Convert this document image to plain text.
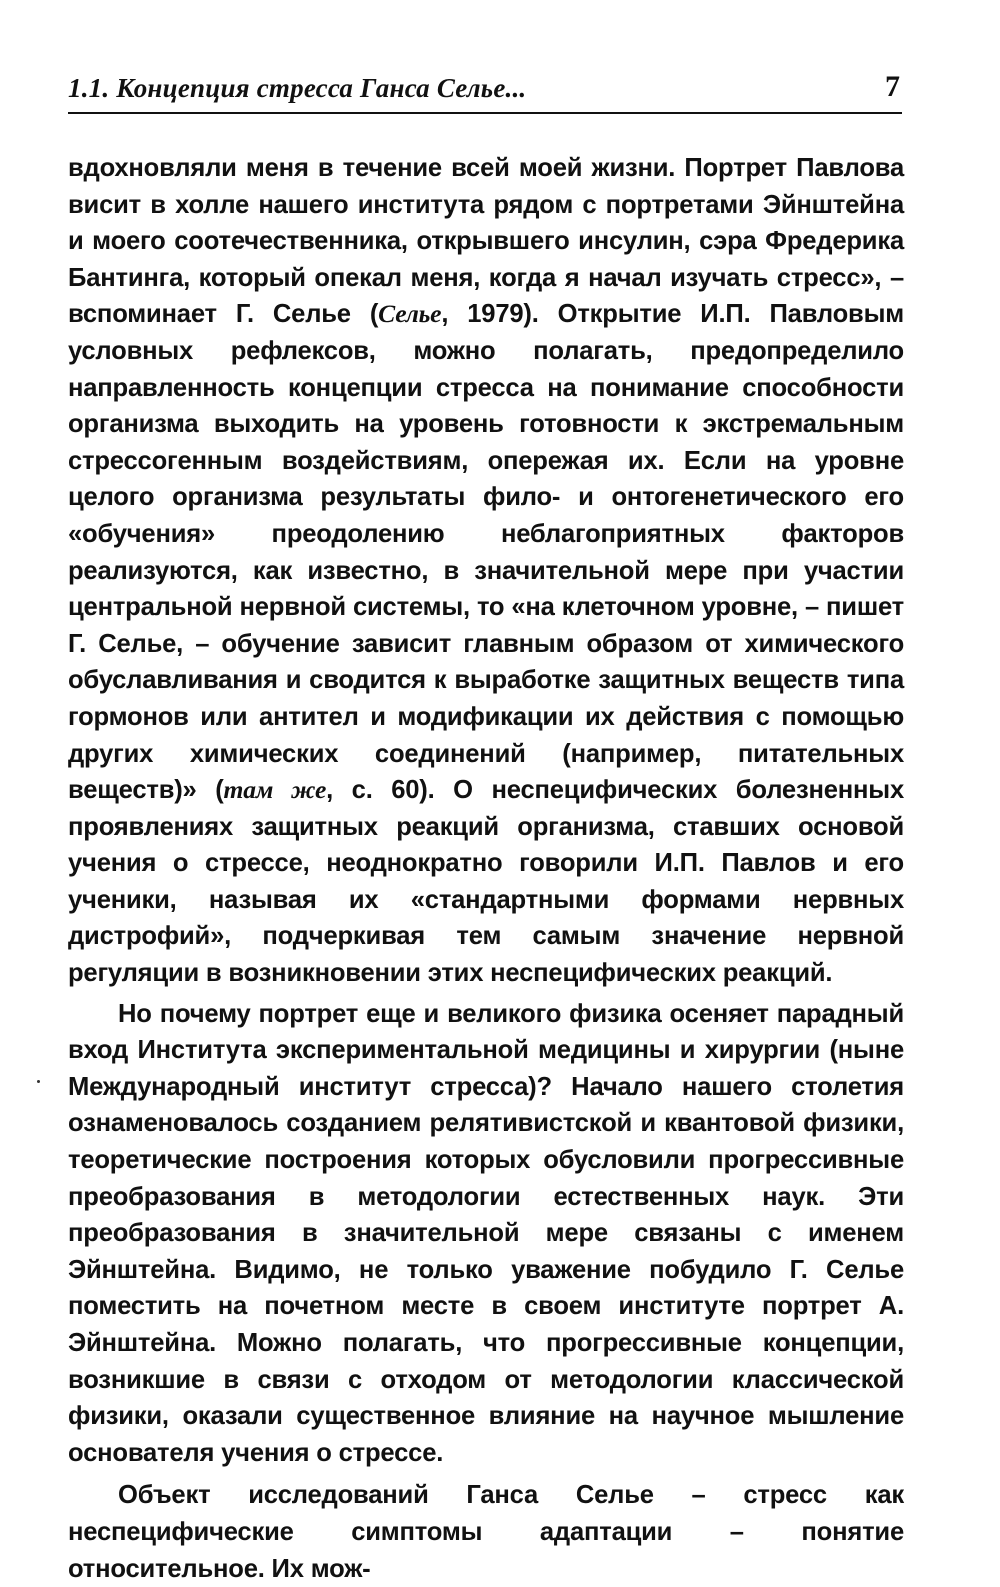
1.1. Концепция стресса Ганса Селье...	7

вдохновляли меня в течение всей моей жизни. Портрет Павлова висит в холле нашего института рядом с портретами Эйнштейна и моего соотечественника, открывшего инсулин, сэра Фредерика Бантинга, который опекал меня, когда я начал изучать стресс», – вспоминает Г. Селье (Селье, 1979). Открытие И.П. Павловым условных рефлексов, можно полагать, предопределило направленность концепции стресса на понимание способности организма выходить на уровень готовности к экстремальным стрессогенным воздействиям, опережая их. Если на уровне целого организма результаты фило- и онтогенетического его «обучения» преодолению неблагоприятных факторов реализуются, как известно, в значительной мере при участии центральной нервной системы, то «на клеточном уровне, – пишет Г. Селье, – обучение зависит главным образом от химического обуславливания и сводится к выработке защитных веществ типа гормонов или антител и модификации их действия с помощью других химических соединений (например, питательных веществ)» (там же, с. 60). О неспецифических болезненных проявлениях защитных реакций организма, ставших основой учения о стрессе, неоднократно говорили И.П. Павлов и его ученики, называя их «стандартными формами нервных дистрофий», подчеркивая тем самым значение нервной регуляции в возникновении этих неспецифических реакций.

Но почему портрет еще и великого физика осеняет парадный вход Института экспериментальной медицины и хирургии (ныне Международный институт стресса)? Начало нашего столетия ознаменовалось созданием релятивистской и квантовой физики, теоретические построения которых обусловили прогрессивные преобразования в методологии естественных наук. Эти преобразования в значительной мере связаны с именем Эйнштейна. Видимо, не только уважение побудило Г. Селье поместить на почетном месте в своем институте портрет А. Эйнштейна. Можно полагать, что прогрессивные концепции, возникшие в связи с отходом от методологии классической физики, оказали существенное влияние на научное мышление основателя учения о стрессе.

Объект исследований Ганса Селье – стресс как неспецифические симптомы адаптации – понятие относительное. Их мож-
